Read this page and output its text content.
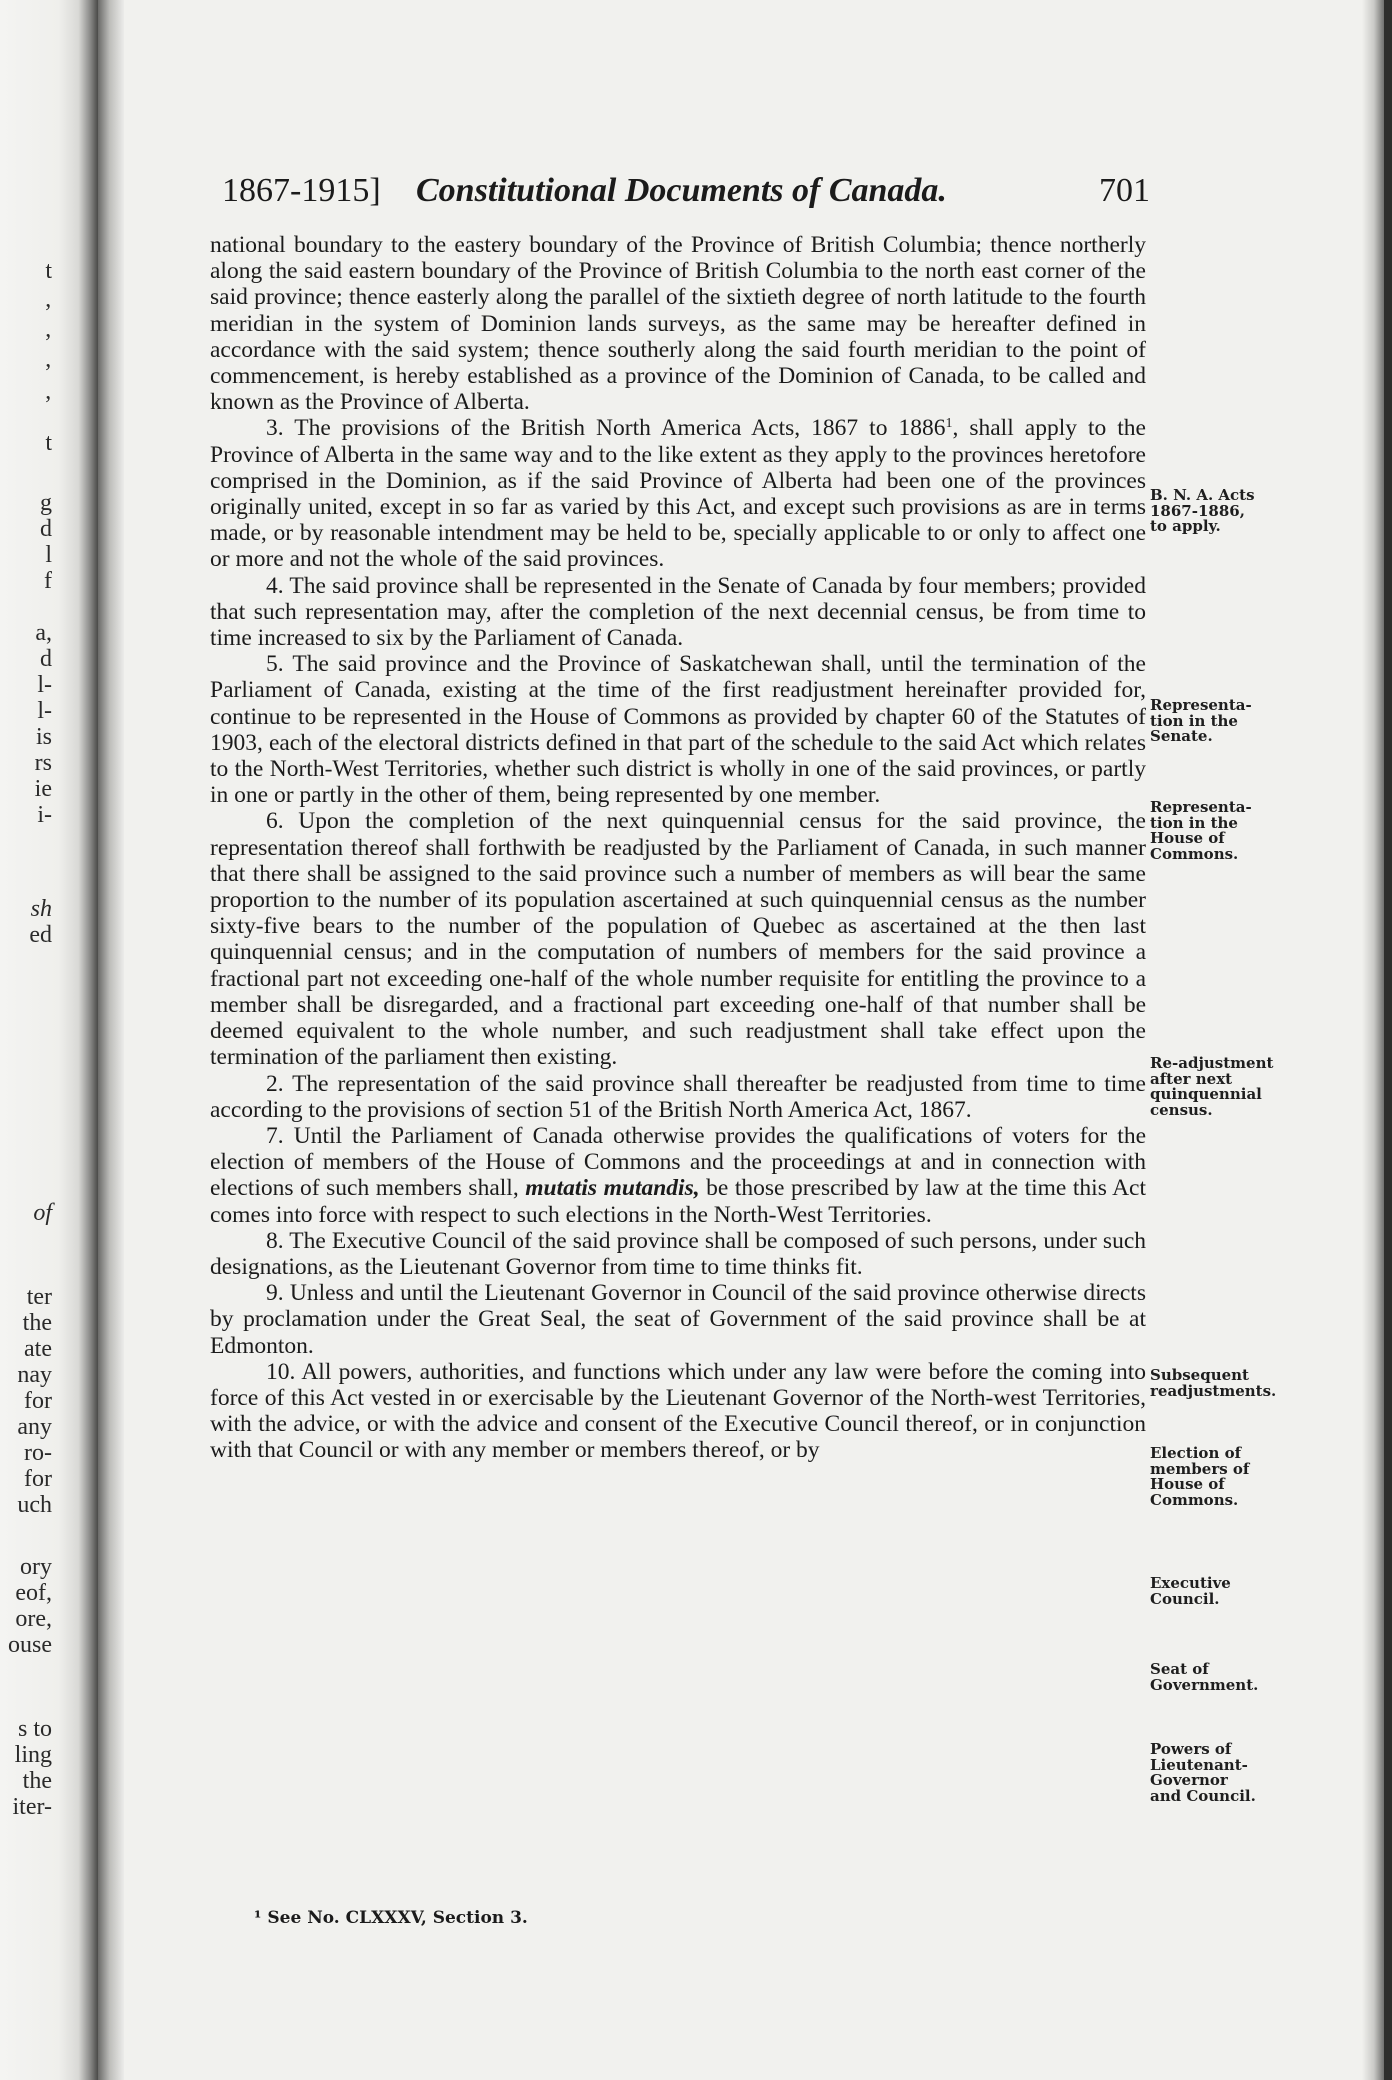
t
’
’
’
’
t
g
d
l
f
a,
d
l-
l-
is
rs
ie
i-
sh
ed
of
ter
the
ate
nay
for
any
ro-
for
uch
ory
eof,
ore,
ouse
s to
ling
the
iter-
1867-1915] Constitutional Documents of Canada.	701

national boundary to the eastery boundary of the Province of British Columbia; thence northerly along the said eastern boundary of the Province of British Columbia to the north east corner of the said province; thence easterly along the parallel of the sixtieth degree of north latitude to the fourth meridian in the system of Dominion lands surveys, as the same may be hereafter defined in accordance with the said system; thence southerly along the said fourth meridian to the point of commencement, is hereby established as a province of the Dominion of Canada, to be called and known as the Province of Alberta.

3. The provisions of the British North America Acts, 1867 to 1886$^1$, shall apply to the Province of Alberta in the same way and to the like extent as they apply to the provinces heretofore comprised in the Dominion, as if the said Province of Alberta had been one of the provinces originally united, except in so far as varied by this Act, and except such provisions as are in terms made, or by reasonable intendment may be held to be, specially applicable to or only to affect one or more and not the whole of the said provinces.

4. The said province shall be represented in the Senate of Canada by four members; provided that such representation may, after the completion of the next decennial census, be from time to time increased to six by the Parliament of Canada.

5. The said province and the Province of Saskatchewan shall, until the termination of the Parliament of Canada, existing at the time of the first readjustment hereinafter provided for, continue to be represented in the House of Commons as provided by chapter 60 of the Statutes of 1903, each of the electoral districts defined in that part of the schedule to the said Act which relates to the North-West Territories, whether such district is wholly in one of the said provinces, or partly in one or partly in the other of them, being represented by one member.

6. Upon the completion of the next quinquennial census for the said province, the representation thereof shall forthwith be readjusted by the Parliament of Canada, in such manner that there shall be assigned to the said province such a number of members as will bear the same proportion to the number of its population ascertained at such quinquennial census as the number sixty-five bears to the number of the population of Quebec as ascertained at the then last quinquennial census; and in the computation of numbers of members for the said province a fractional part not exceeding one-half of the whole number requisite for entitling the province to a member shall be disregarded, and a fractional part exceeding one-half of that number shall be deemed equivalent to the whole number, and such readjustment shall take effect upon the termination of the parliament then existing.

2. The representation of the said province shall thereafter be readjusted from time to time according to the provisions of section 51 of the British North America Act, 1867.

7. Until the Parliament of Canada otherwise provides the qualifications of voters for the election of members of the House of Commons and the proceedings at and in connection with elections of such members shall, mutatis mutandis, be those prescribed by law at the time this Act comes into force with respect to such elections in the North-West Territories.

8. The Executive Council of the said province shall be composed of such persons, under such designations, as the Lieutenant Governor from time to time thinks fit.

9. Unless and until the Lieutenant Governor in Council of the said province otherwise directs by proclamation under the Great Seal, the seat of Government of the said province shall be at Edmonton.

10. All powers, authorities, and functions which under any law were before the coming into force of this Act vested in or exercisable by the Lieutenant Governor of the North-west Territories, with the advice, or with the advice and consent of the Executive Council thereof, or in conjunction with that Council or with any member or members thereof, or by

B. N. A. Acts
1867-1886,
to apply.
Representa-
tion in the
Senate.
Representa-
tion in the
House of
Commons.
Re-adjustment
after next
quinquennial
census.
Subsequent
readjustments.
Election of
members of
House of
Commons.
Executive
Council.
Seat of
Government.
Powers of
Lieutenant-
Governor
and Council.
¹ See No. CLXXXV, Section 3.
